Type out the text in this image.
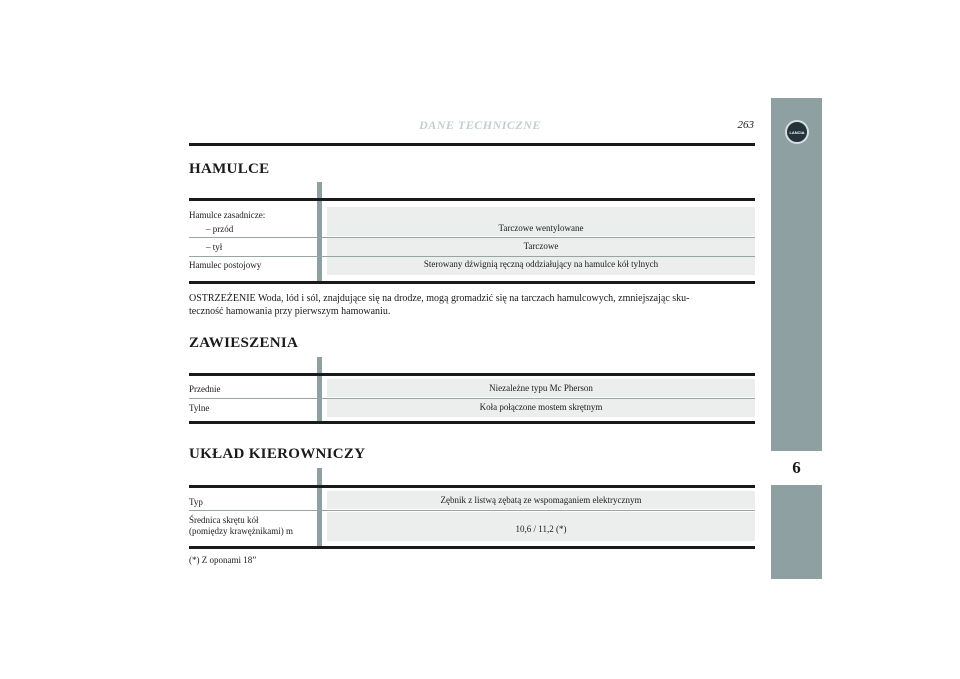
DANE TECHNICZNE	263
LANCIA
6
HAMULCE
Hamulce zasadnicze:
– przód	Tarczowe wentylowane
– tył	Tarczowe
Hamulec postojowy	Sterowany dźwignią ręczną oddziałujący na hamulce kół tylnych
OSTRZEŻENIE Woda, lód i sól, znajdujące się na drodze, mogą gromadzić się na tarczach hamulcowych, zmniejszając sku-
teczność hamowania przy pierwszym hamowaniu.
ZAWIESZENIA
Przednie	Niezależne typu Mc Pherson
Tylne	Koła połączone mostem skrętnym
UKŁAD KIEROWNICZY
Typ	Zębnik z listwą zębatą ze wspomaganiem elektrycznym
Średnica skrętu kół
(pomiędzy krawężnikami) m	10,6 / 11,2 (*)
(*) Z oponami 18”
